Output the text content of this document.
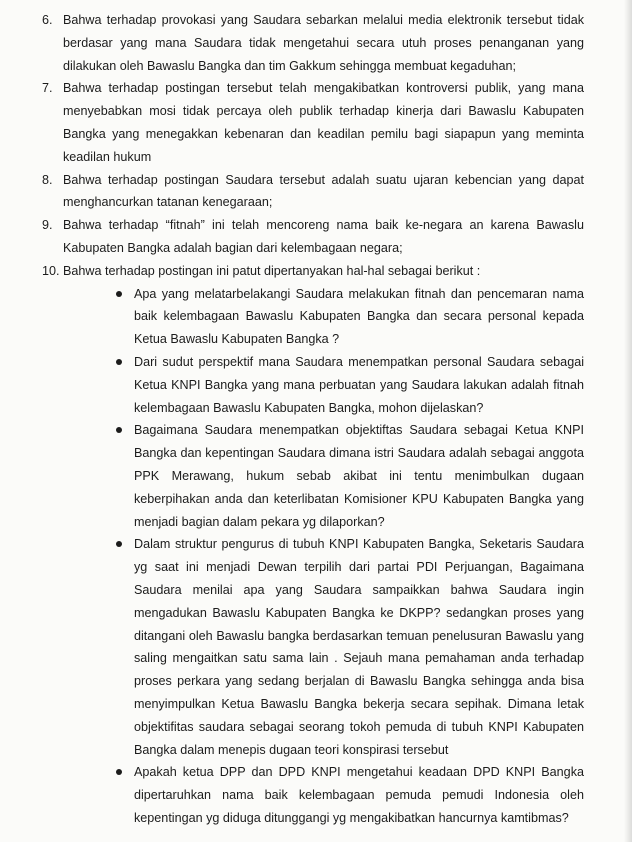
6. Bahwa terhadap provokasi yang Saudara sebarkan melalui media elektronik tersebut tidak berdasar yang mana Saudara tidak mengetahui secara utuh proses penanganan yang dilakukan oleh Bawaslu Bangka dan tim Gakkum sehingga membuat kegaduhan;

7. Bahwa terhadap postingan tersebut telah mengakibatkan kontroversi publik, yang mana menyebabkan mosi tidak percaya oleh publik terhadap kinerja dari Bawaslu Kabupaten Bangka yang menegakkan kebenaran dan keadilan pemilu bagi siapapun yang meminta keadilan hukum

8. Bahwa terhadap postingan Saudara tersebut adalah suatu ujaran kebencian yang dapat menghancurkan tatanan kenegaraan;

9. Bahwa terhadap “fitnah” ini telah mencoreng nama baik ke-negara an karena Bawaslu Kabupaten Bangka adalah bagian dari kelembagaan negara;

10. Bahwa terhadap postingan ini patut dipertanyakan hal-hal sebagai berikut :

Apa yang melatarbelakangi Saudara melakukan fitnah dan pencemaran nama baik kelembagaan Bawaslu Kabupaten Bangka dan secara personal kepada Ketua Bawaslu Kabupaten Bangka ?

Dari sudut perspektif mana Saudara menempatkan personal Saudara sebagai Ketua KNPI Bangka yang mana perbuatan yang Saudara lakukan adalah fitnah kelembagaan Bawaslu Kabupaten Bangka, mohon dijelaskan?

Bagaimana Saudara menempatkan objektiftas Saudara sebagai Ketua KNPI Bangka dan kepentingan Saudara dimana istri Saudara adalah sebagai anggota PPK Merawang, hukum sebab akibat ini tentu menimbulkan dugaan keberpihakan anda dan keterlibatan Komisioner KPU Kabupaten Bangka yang menjadi bagian dalam pekara yg dilaporkan?

Dalam struktur pengurus di tubuh KNPI Kabupaten Bangka, Seketaris Saudara yg saat ini menjadi Dewan terpilih dari partai PDI Perjuangan, Bagaimana Saudara menilai apa yang Saudara sampaikkan bahwa Saudara ingin mengadukan Bawaslu Kabupaten Bangka ke DKPP? sedangkan proses yang ditangani oleh Bawaslu bangka berdasarkan temuan penelusuran Bawaslu yang saling mengaitkan satu sama lain . Sejauh mana pemahaman anda terhadap proses perkara yang sedang berjalan di Bawaslu Bangka sehingga anda bisa menyimpulkan Ketua Bawaslu Bangka bekerja secara sepihak. Dimana letak objektifitas saudara sebagai seorang tokoh pemuda di tubuh KNPI Kabupaten Bangka dalam menepis dugaan teori konspirasi tersebut

Apakah ketua DPP dan DPD KNPI mengetahui keadaan DPD KNPI Bangka dipertaruhkan nama baik kelembagaan pemuda pemudi Indonesia oleh kepentingan yg diduga ditunggangi yg mengakibatkan hancurnya kamtibmas?
